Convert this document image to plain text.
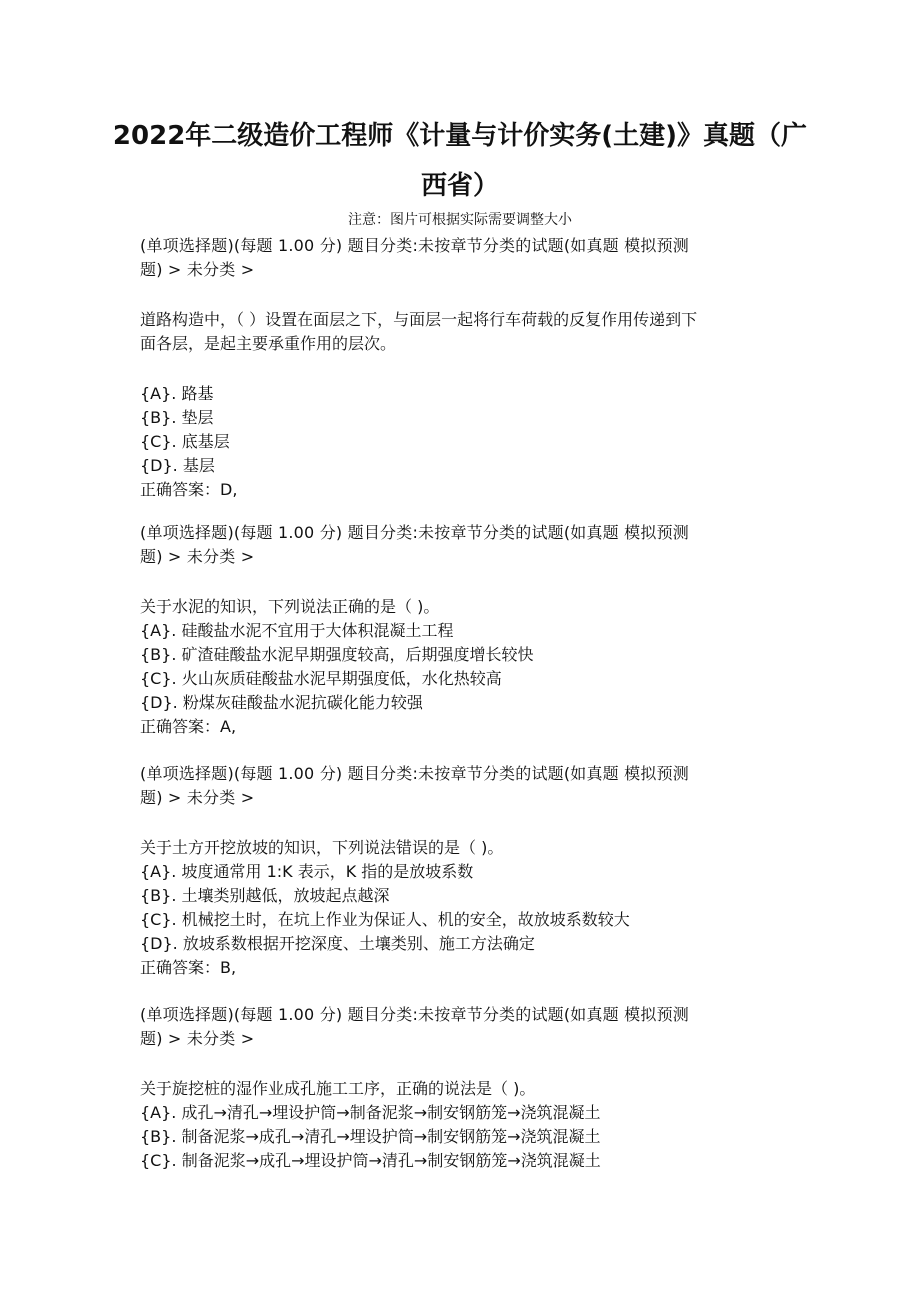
2022年二级造价工程师《计量与计价实务(土建)》真题（广
西省）
注意：图片可根据实际需要调整大小
(单项选择题)(每题 1.00 分) 题目分类:未按章节分类的试题(如真题 模拟预测
题) > 未分类 >
道路构造中，（ ）设置在面层之下，与面层一起将行车荷载的反复作用传递到下
面各层，是起主要承重作用的层次。
{A}. 路基
{B}. 垫层
{C}. 底基层
{D}. 基层
正确答案：D,
(单项选择题)(每题 1.00 分) 题目分类:未按章节分类的试题(如真题 模拟预测
题) > 未分类 >
关于水泥的知识，下列说法正确的是（ )。
{A}. 硅酸盐水泥不宜用于大体积混凝土工程
{B}. 矿渣硅酸盐水泥早期强度较高，后期强度增长较快
{C}. 火山灰质硅酸盐水泥早期强度低，水化热较高
{D}. 粉煤灰硅酸盐水泥抗碳化能力较强
正确答案：A,
(单项选择题)(每题 1.00 分) 题目分类:未按章节分类的试题(如真题 模拟预测
题) > 未分类 >
关于土方开挖放坡的知识，下列说法错误的是（ )。
{A}. 坡度通常用 1:K 表示，K 指的是放坡系数
{B}. 土壤类别越低，放坡起点越深
{C}. 机械挖土时，在坑上作业为保证人、机的安全，故放坡系数较大
{D}. 放坡系数根据开挖深度、土壤类别、施工方法确定
正确答案：B,
(单项选择题)(每题 1.00 分) 题目分类:未按章节分类的试题(如真题 模拟预测
题) > 未分类 >
关于旋挖桩的湿作业成孔施工工序，正确的说法是（ )。
{A}. 成孔→清孔→埋设护筒→制备泥浆→制安钢筋笼→浇筑混凝土
{B}. 制备泥浆→成孔→清孔→埋设护筒→制安钢筋笼→浇筑混凝土
{C}. 制备泥浆→成孔→埋设护筒→清孔→制安钢筋笼→浇筑混凝土
